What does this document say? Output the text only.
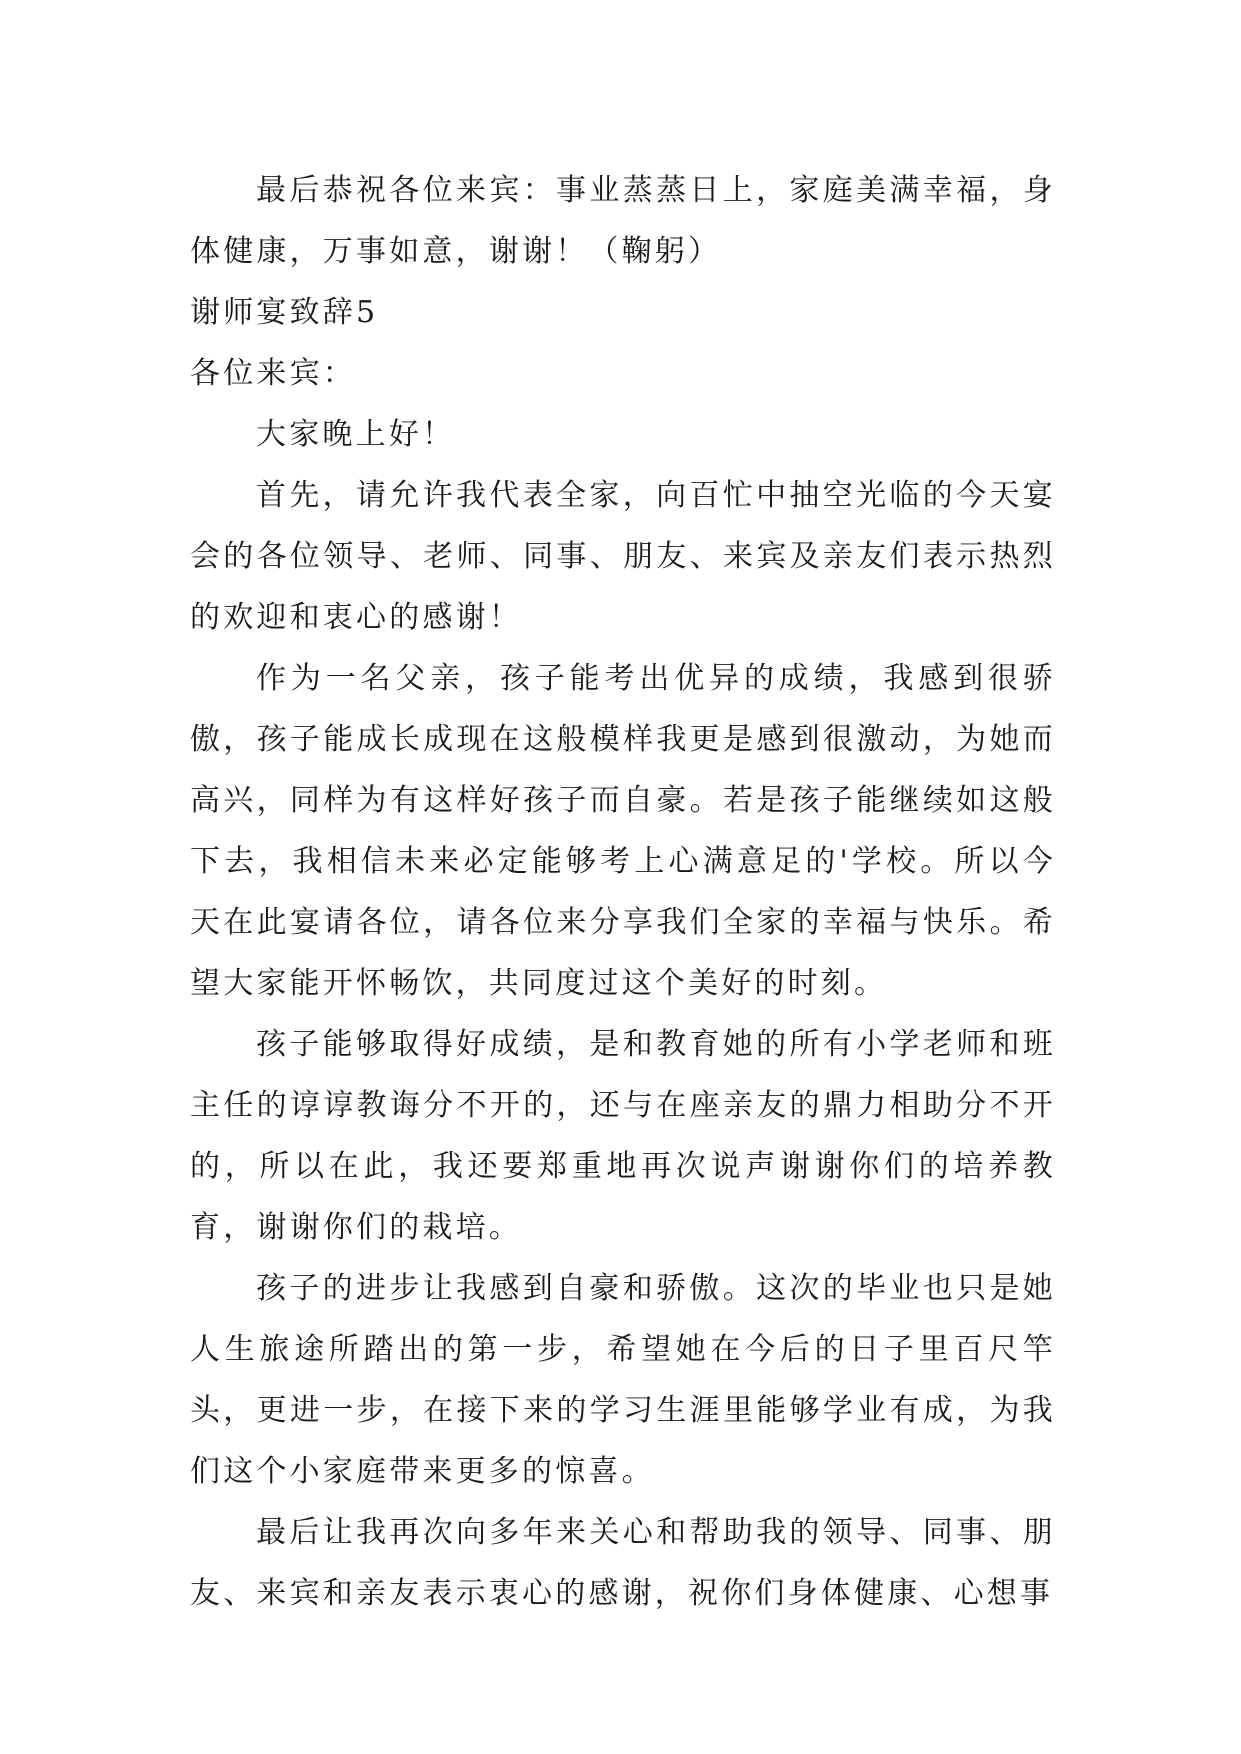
最后恭祝各位来宾：事业蒸蒸日上，家庭美满幸福，身体健康，万事如意，谢谢！（鞠躬）

谢师宴致辞5

各位来宾：

大家晚上好！

首先，请允许我代表全家，向百忙中抽空光临的今天宴会的各位领导、老师、同事、朋友、来宾及亲友们表示热烈的欢迎和衷心的感谢！

作为一名父亲，孩子能考出优异的成绩，我感到很骄傲，孩子能成长成现在这般模样我更是感到很激动，为她而高兴，同样为有这样好孩子而自豪。若是孩子能继续如这般下去，我相信未来必定能够考上心满意足的'学校。所以今天在此宴请各位，请各位来分享我们全家的幸福与快乐。希望大家能开怀畅饮，共同度过这个美好的时刻。

孩子能够取得好成绩，是和教育她的所有小学老师和班主任的谆谆教诲分不开的，还与在座亲友的鼎力相助分不开的，所以在此，我还要郑重地再次说声谢谢你们的培养教育，谢谢你们的栽培。

孩子的进步让我感到自豪和骄傲。这次的毕业也只是她人生旅途所踏出的第一步，希望她在今后的日子里百尺竿头，更进一步，在接下来的学习生涯里能够学业有成，为我们这个小家庭带来更多的惊喜。

最后让我再次向多年来关心和帮助我的领导、同事、朋友、来宾和亲友表示衷心的感谢，祝你们身体健康、心想事
